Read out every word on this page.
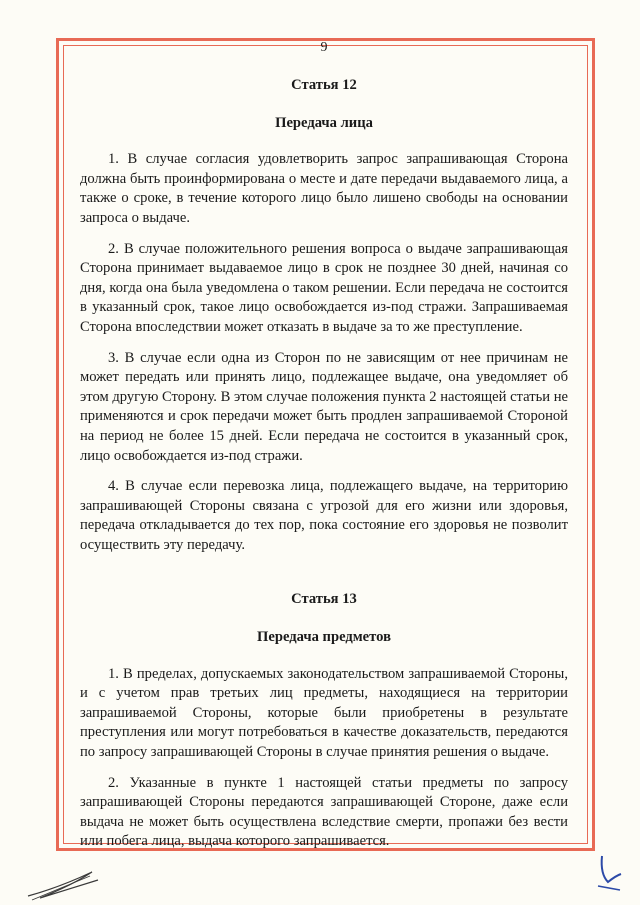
9
Статья 12
Передача лица

1. В случае согласия удовлетворить запрос запрашивающая Сторона должна быть проинформирована о месте и дате передачи выдаваемого лица, а также о сроке, в течение которого лицо было лишено свободы на основании запроса о выдаче.

2. В случае положительного решения вопроса о выдаче запрашивающая Сторона принимает выдаваемое лицо в срок не позднее 30 дней, начиная со дня, когда она была уведомлена о таком решении. Если передача не состоится в указанный срок, такое лицо освобождается из-под стражи. Запрашиваемая Сторона впоследствии может отказать в выдаче за то же преступление.

3. В случае если одна из Сторон по не зависящим от нее причинам не может передать или принять лицо, подлежащее выдаче, она уведомляет об этом другую Сторону. В этом случае положения пункта 2 настоящей статьи не применяются и срок передачи может быть продлен запрашиваемой Стороной на период не более 15 дней. Если передача не состоится в указанный срок, лицо освобождается из-под стражи.

4. В случае если перевозка лица, подлежащего выдаче, на территорию запрашивающей Стороны связана с угрозой для его жизни или здоровья, передача откладывается до тех пор, пока состояние его здоровья не позволит осуществить эту передачу.

Статья 13
Передача предметов

1. В пределах, допускаемых законодательством запрашиваемой Стороны, и с учетом прав третьих лиц предметы, находящиеся на территории запрашиваемой Стороны, которые были приобретены в результате преступления или могут потребоваться в качестве доказательств, передаются по запросу запрашивающей Стороны в случае принятия решения о выдаче.

2. Указанные в пункте 1 настоящей статьи предметы по запросу запрашивающей Стороны передаются запрашивающей Стороне, даже если выдача не может быть осуществлена вследствие смерти, пропажи без вести или побега лица, выдача которого запрашивается.
